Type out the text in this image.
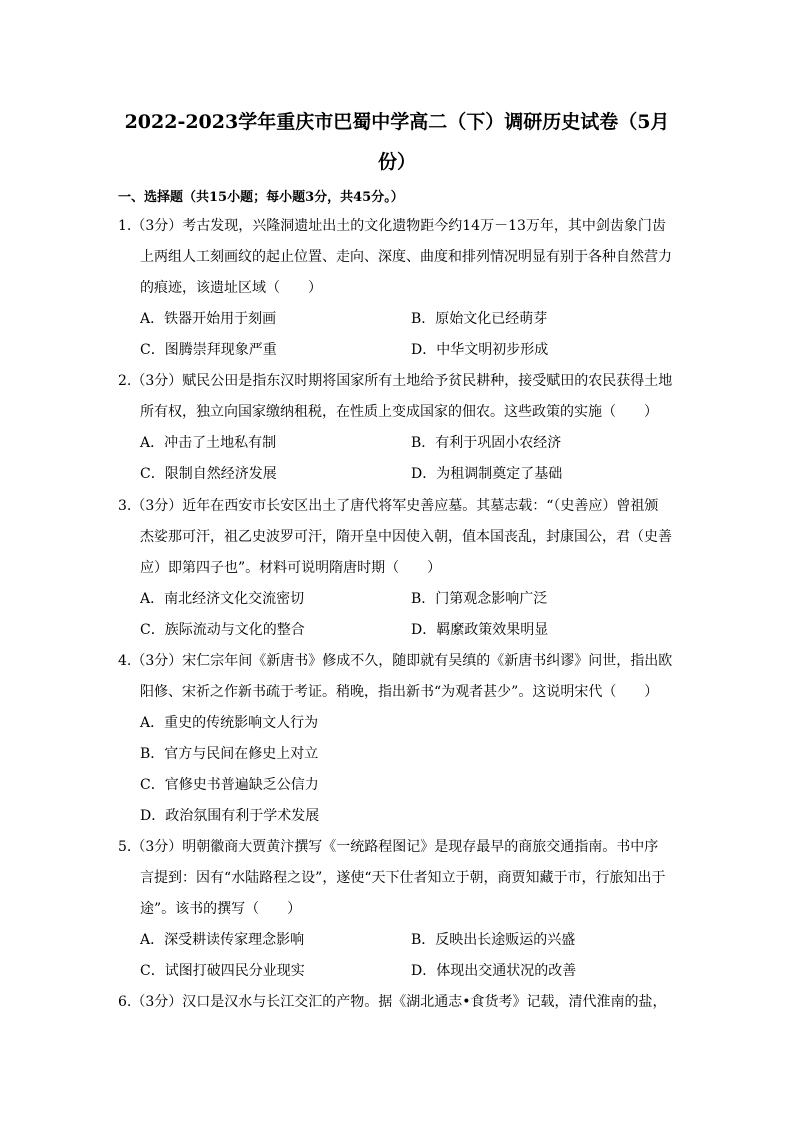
2022-2023学年重庆市巴蜀中学高二（下）调研历史试卷（5月
份）
一、选择题（共15小题；每小题3分，共45分。）
1.（3分）考古发现，兴隆洞遗址出土的文化遗物距今约14万－13万年，其中剑齿象门齿
上两组人工刻画纹的起止位置、走向、深度、曲度和排列情况明显有别于各种自然营力
的痕迹，该遗址区域（　　）
A．铁器开始用于刻画	B．原始文化已经萌芽
C．图腾崇拜现象严重	D．中华文明初步形成
2.（3分）赋民公田是指东汉时期将国家所有土地给予贫民耕种，接受赋田的农民获得土地
所有权，独立向国家缴纳租税，在性质上变成国家的佃农。这些政策的实施（　　）
A．冲击了土地私有制	B．有利于巩固小农经济
C．限制自然经济发展	D．为租调制奠定了基础
3.（3分）近年在西安市长安区出土了唐代将军史善应墓。其墓志载：“（史善应）曾祖颁
杰娑那可汗，祖乙史波罗可汗，隋开皇中因使入朝，值本国丧乱，封康国公，君（史善
应）即第四子也”。材料可说明隋唐时期（　　）
A．南北经济文化交流密切	B．门第观念影响广泛
C．族际流动与文化的整合	D．羁縻政策效果明显
4.（3分）宋仁宗年间《新唐书》修成不久，随即就有吴缜的《新唐书纠谬》问世，指出欧
阳修、宋祈之作新书疏于考证。稍晚，指出新书“为观者甚少”。这说明宋代（　　）
A．重史的传统影响文人行为
B．官方与民间在修史上对立
C．官修史书普遍缺乏公信力
D．政治氛围有利于学术发展
5.（3分）明朝徽商大贾黄汴撰写《一统路程图记》是现存最早的商旅交通指南。书中序
言提到：因有“水陆路程之设”，遂使“天下仕者知立于朝，商贾知藏于市，行旅知出于
途”。该书的撰写（　　）
A．深受耕读传家理念影响	B．反映出长途贩运的兴盛
C．试图打破四民分业现实	D．体现出交通状况的改善
6.（3分）汉口是汉水与长江交汇的产物。据《湖北通志•食货考》记载，清代淮南的盐，
